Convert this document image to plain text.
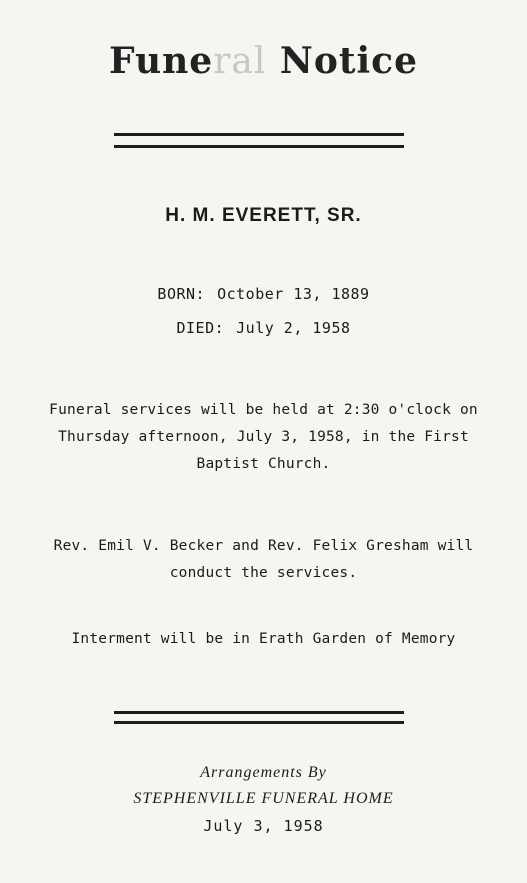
Funeral Notice
H. M. EVERETT, SR.
BORN: October 13, 1889
DIED: July 2, 1958
Funeral services will be held at 2:30 o'clock on Thursday afternoon, July 3, 1958, in the First Baptist Church.
Rev. Emil V. Becker and Rev. Felix Gresham will conduct the services.
Interment will be in Erath Garden of Memory
Arrangements By
STEPHENVILLE FUNERAL HOME
July 3, 1958
